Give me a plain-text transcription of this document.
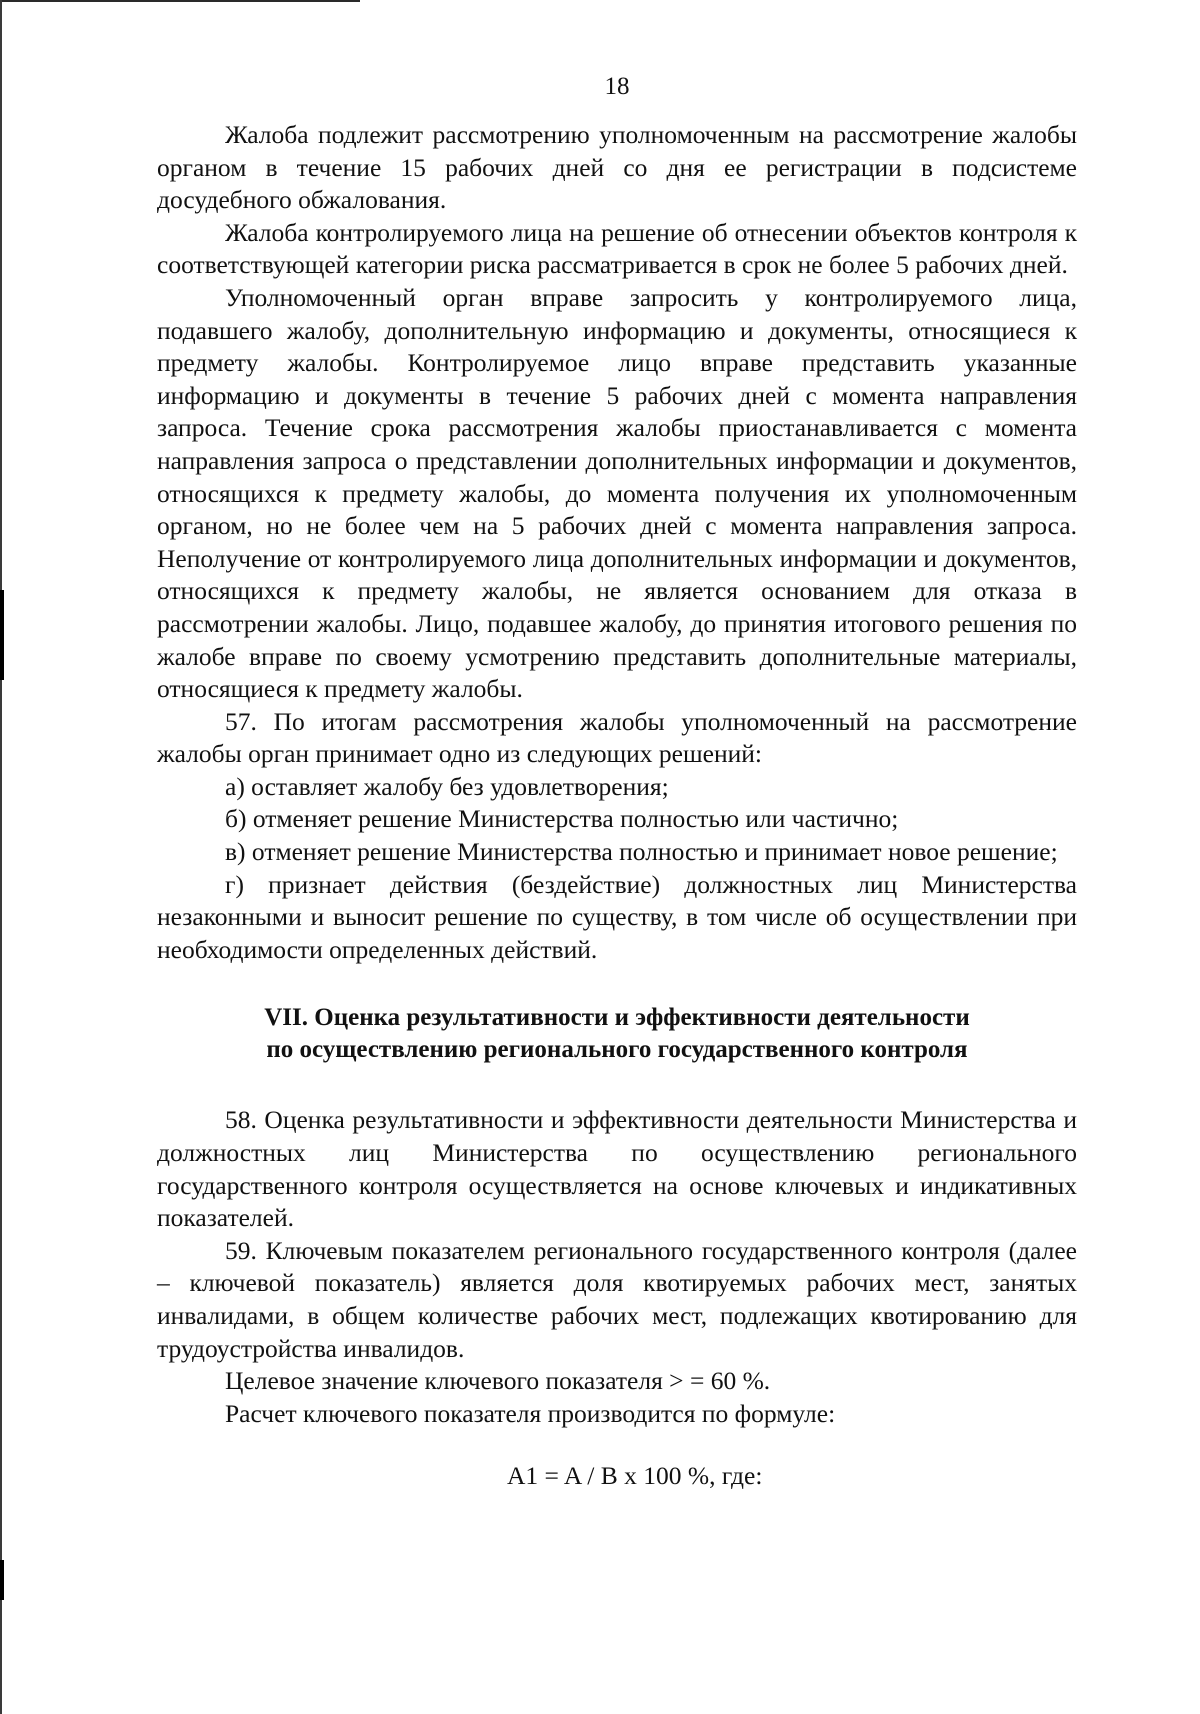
18

Жалоба подлежит рассмотрению уполномоченным на рассмотрение жалобы органом в течение 15 рабочих дней со дня ее регистрации в подсистеме досудебного обжалования.

Жалоба контролируемого лица на решение об отнесении объектов контроля к соответствующей категории риска рассматривается в срок не более 5 рабочих дней.

Уполномоченный орган вправе запросить у контролируемого лица, подавшего жалобу, дополнительную информацию и документы, относящиеся к предмету жалобы. Контролируемое лицо вправе представить указанные информацию и документы в течение 5 рабочих дней с момента направления запроса. Течение срока рассмотрения жалобы приостанавливается с момента направления запроса о представлении дополнительных информации и документов, относящихся к предмету жалобы, до момента получения их уполномоченным органом, но не более чем на 5 рабочих дней с момента направления запроса. Неполучение от контролируемого лица дополнительных информации и документов, относящихся к предмету жалобы, не является основанием для отказа в рассмотрении жалобы. Лицо, подавшее жалобу, до принятия итогового решения по жалобе вправе по своему усмотрению представить дополнительные материалы, относящиеся к предмету жалобы.

57. По итогам рассмотрения жалобы уполномоченный на рассмотрение жалобы орган принимает одно из следующих решений:

а) оставляет жалобу без удовлетворения;

б) отменяет решение Министерства полностью или частично;

в) отменяет решение Министерства полностью и принимает новое решение;

г) признает действия (бездействие) должностных лиц Министерства незаконными и выносит решение по существу, в том числе об осуществлении при необходимости определенных действий.

VII. Оценка результативности и эффективности деятельности
по осуществлению регионального государственного контроля

58. Оценка результативности и эффективности деятельности Министерства и должностных лиц Министерства по осуществлению регионального государственного контроля осуществляется на основе ключевых и индикативных показателей.

59. Ключевым показателем регионального государственного контроля (далее – ключевой показатель) является доля квотируемых рабочих мест, занятых инвалидами, в общем количестве рабочих мест, подлежащих квотированию для трудоустройства инвалидов.

Целевое значение ключевого показателя > = 60 %.

Расчет ключевого показателя производится по формуле:

A1 = A / B x 100 %, где:
